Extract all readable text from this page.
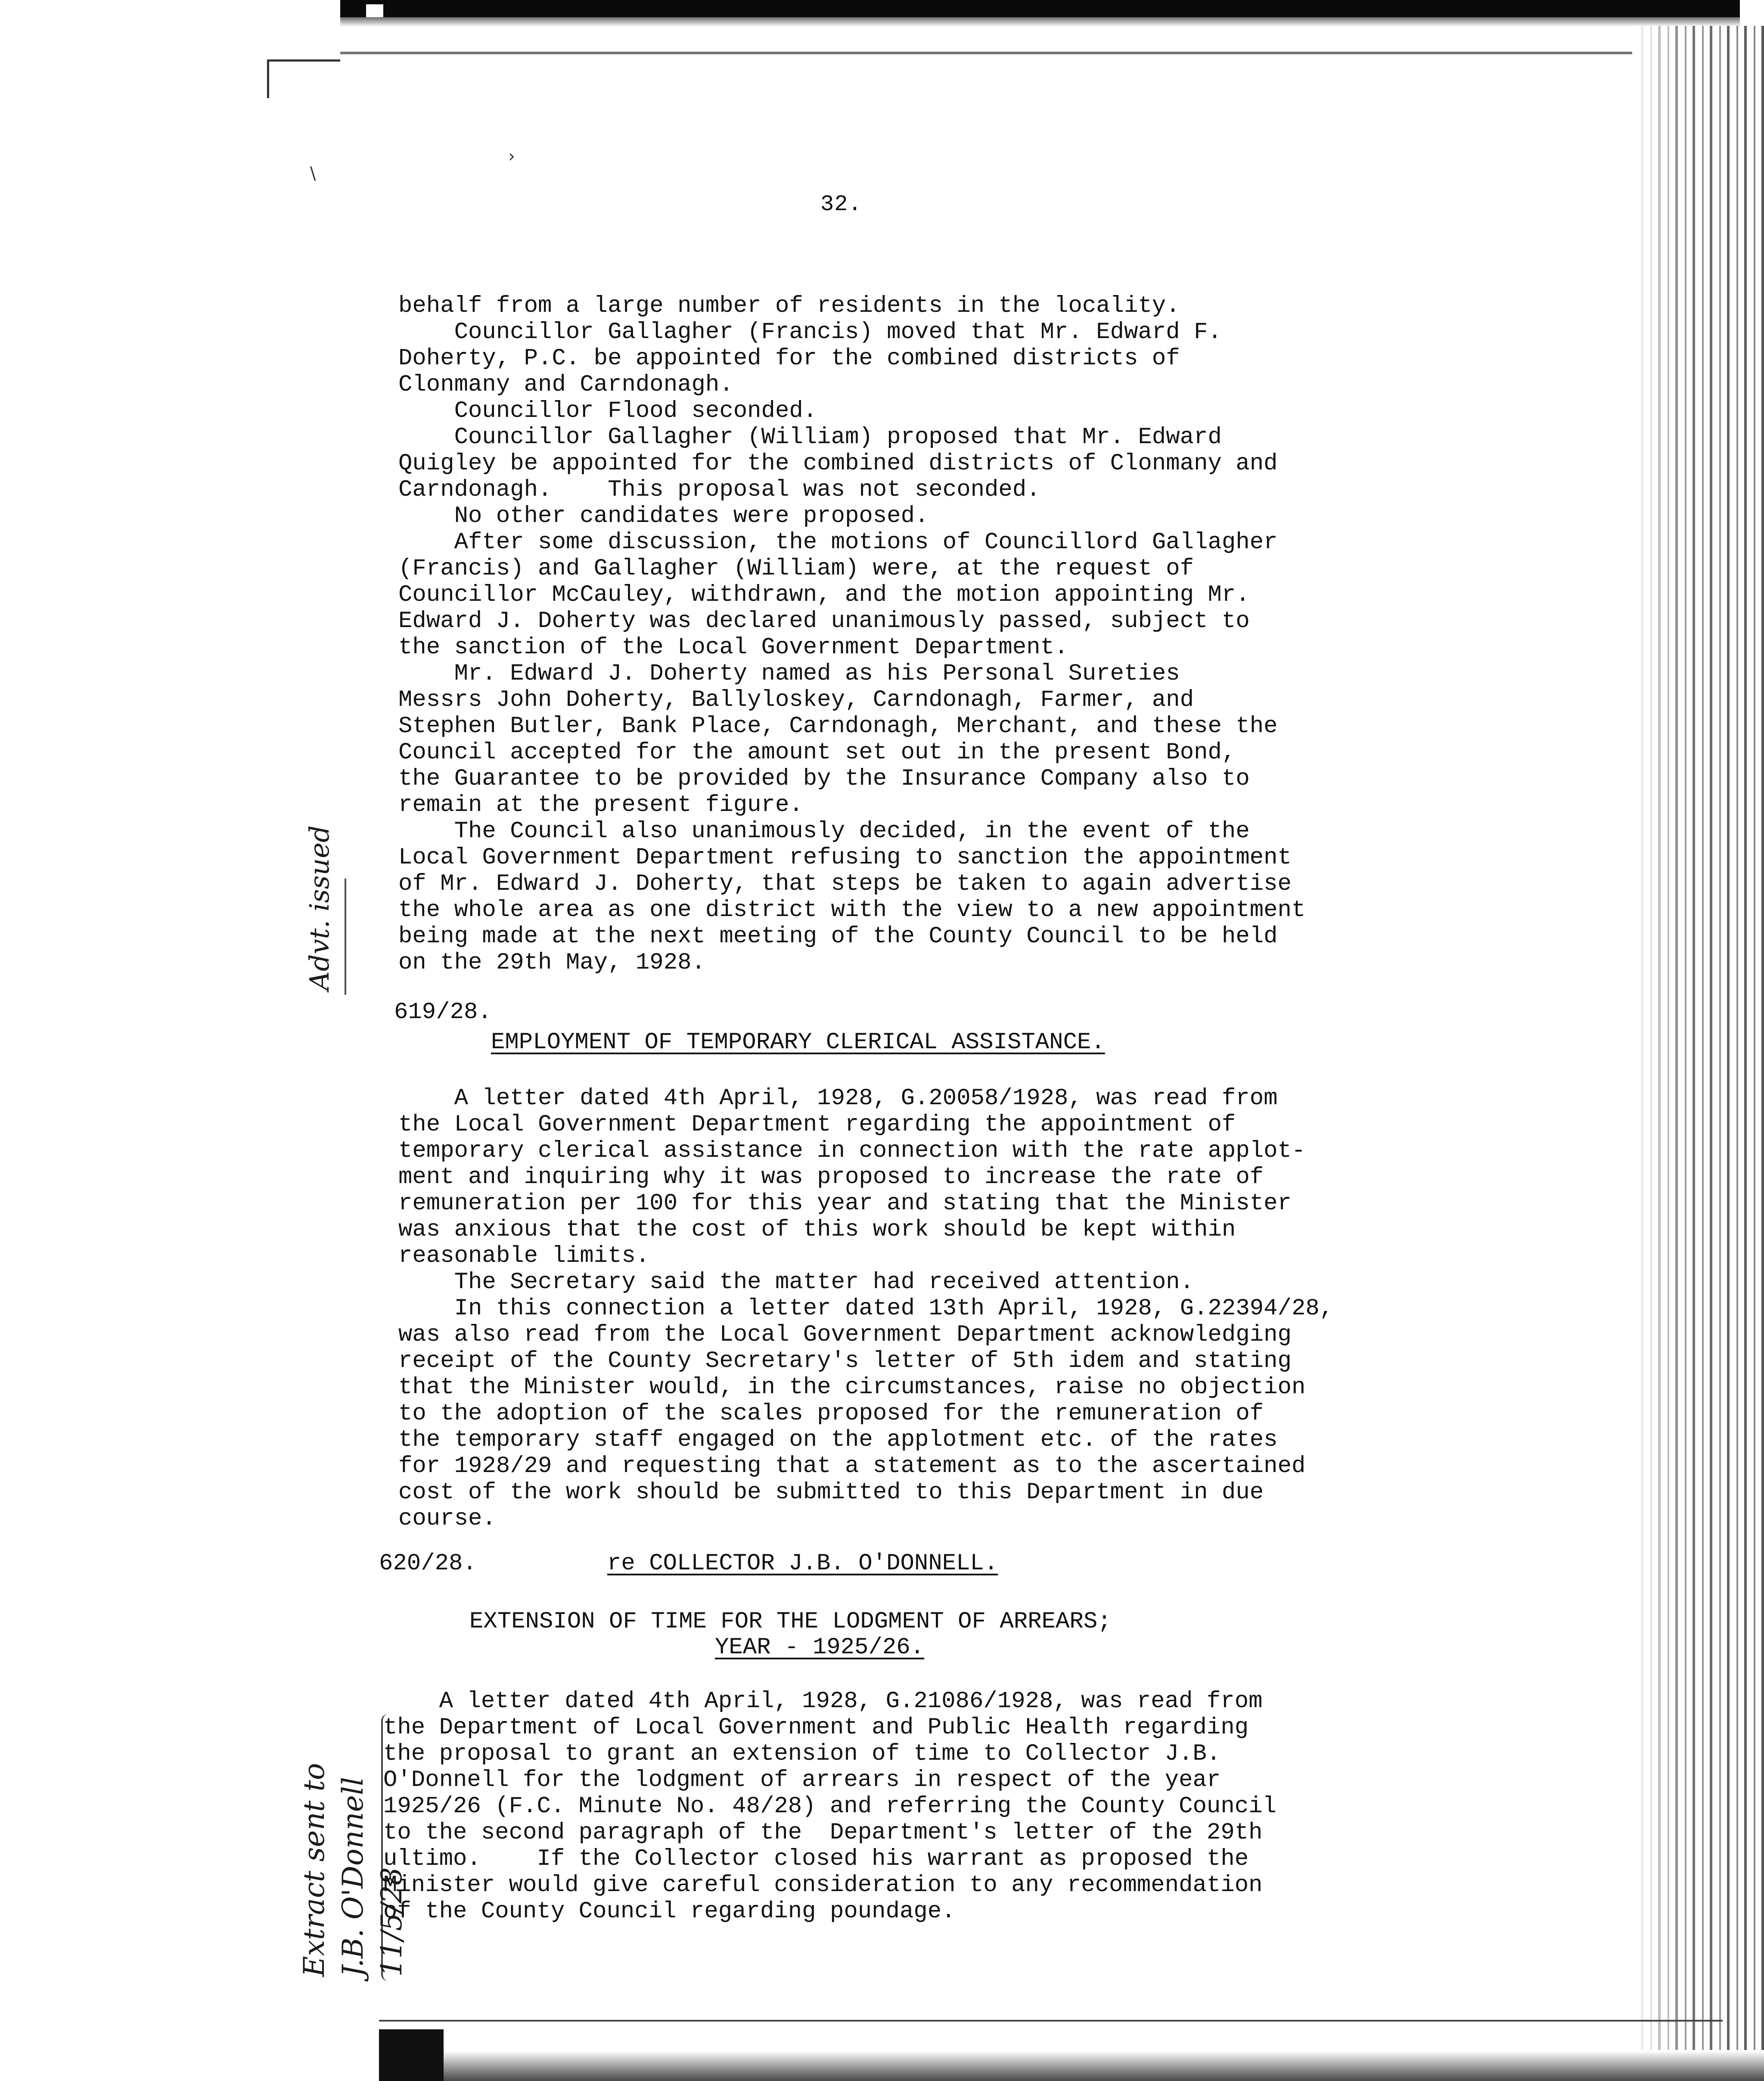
\
›
32.
behalf from a large number of residents in the locality.
Councillor Gallagher (Francis) moved that Mr. Edward F.
Doherty, P.C. be appointed for the combined districts of
Clonmany and Carndonagh.
Councillor Flood seconded.
Councillor Gallagher (William) proposed that Mr. Edward
Quigley be appointed for the combined districts of Clonmany and
Carndonagh.    This proposal was not seconded.
No other candidates were proposed.
After some discussion, the motions of Councillord Gallagher
(Francis) and Gallagher (William) were, at the request of
Councillor McCauley, withdrawn, and the motion appointing Mr.
Edward J. Doherty was declared unanimously passed, subject to
the sanction of the Local Government Department.
Mr. Edward J. Doherty named as his Personal Sureties
Messrs John Doherty, Ballyloskey, Carndonagh, Farmer, and
Stephen Butler, Bank Place, Carndonagh, Merchant, and these the
Council accepted for the amount set out in the present Bond,
the Guarantee to be provided by the Insurance Company also to
remain at the present figure.
The Council also unanimously decided, in the event of the
Local Government Department refusing to sanction the appointment
of Mr. Edward J. Doherty, that steps be taken to again advertise
the whole area as one district with the view to a new appointment
being made at the next meeting of the County Council to be held
on the 29th May, 1928.
619/28.
EMPLOYMENT OF TEMPORARY CLERICAL ASSISTANCE.
A letter dated 4th April, 1928, G.20058/1928, was read from
the Local Government Department regarding the appointment of
temporary clerical assistance in connection with the rate applot-
ment and inquiring why it was proposed to increase the rate of
remuneration per 100 for this year and stating that the Minister
was anxious that the cost of this work should be kept within
reasonable limits.
The Secretary said the matter had received attention.
In this connection a letter dated 13th April, 1928, G.22394/28,
was also read from the Local Government Department acknowledging
receipt of the County Secretary's letter of 5th idem and stating
that the Minister would, in the circumstances, raise no objection
to the adoption of the scales proposed for the remuneration of
the temporary staff engaged on the applotment etc. of the rates
for 1928/29 and requesting that a statement as to the ascertained
cost of the work should be submitted to this Department in due
course.
620/28.	re COLLECTOR J.B. O'DONNELL.
EXTENSION OF TIME FOR THE LODGMENT OF ARREARS;
YEAR - 1925/26.
A letter dated 4th April, 1928, G.21086/1928, was read from
the Department of Local Government and Public Health regarding
the proposal to grant an extension of time to Collector J.B.
O'Donnell for the lodgment of arrears in respect of the year
1925/26 (F.C. Minute No. 48/28) and referring the County Council
to the second paragraph of the  Department's letter of the 29th
ultimo.    If the Collector closed his warrant as proposed the
Minister would give careful consideration to any recommendation
of the County Council regarding poundage.
Advt. issued
Extract sent to J.B. O'Donnell 11/5/28
